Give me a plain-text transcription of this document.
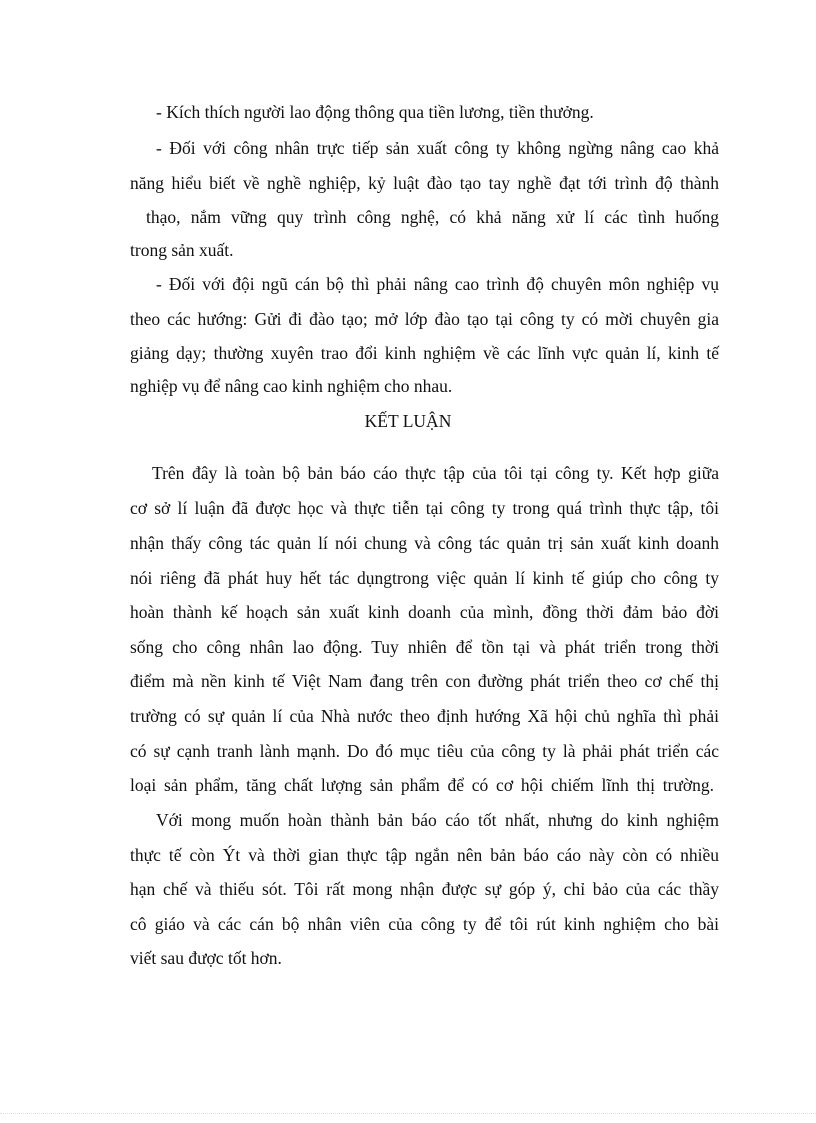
- Kích thích người lao động thông qua tiền lương, tiền thưởng.
- Đối với công nhân trực tiếp sản xuất công ty không ngừng nâng cao khả
năng hiểu biết về nghề nghiệp, kỷ luật đào tạo tay nghề đạt tới trình độ thành
thạo, nắm vững quy trình công nghệ, có khả năng xử lí các tình huống
trong sản xuất.
- Đối với đội ngũ cán bộ thì phải nâng cao trình độ chuyên môn nghiệp vụ
theo các hướng: Gửi đi đào tạo; mở lớp đào tạo tại công ty có mời chuyên gia
giảng dạy; thường xuyên trao đổi kinh nghiệm về các lĩnh vực quản lí, kinh tế
nghiệp vụ để nâng cao kinh nghiệm cho nhau.
KẾT LUẬN
Trên đây là toàn bộ bản báo cáo thực tập của tôi tại công ty. Kết hợp giữa
cơ sở lí luận đã được học và thực tiễn tại công ty trong quá trình thực tập, tôi
nhận thấy công tác quản lí nói chung và công tác quản trị sản xuất kinh doanh
nói riêng đã phát huy hết tác dụngtrong việc quản lí kinh tế giúp cho công ty
hoàn thành kế hoạch sản xuất kinh doanh của mình, đồng thời đảm bảo đời
sống cho công nhân lao động. Tuy nhiên để tồn tại và phát triển trong thời
điểm mà nền kinh tế Việt Nam đang trên con đường phát triển theo cơ chế thị
trường có sự quản lí của Nhà nước theo định hướng Xã hội chủ nghĩa thì phải
có sự cạnh tranh lành mạnh. Do đó mục tiêu của công ty là phải phát triển các
loại sản phẩm, tăng chất lượng sản phẩm để có cơ hội chiếm lĩnh thị trường.
Với mong muốn hoàn thành bản báo cáo tốt nhất, nhưng do kinh nghiệm
thực tế còn Ýt và thời gian thực tập ngắn nên bản báo cáo này còn có nhiều
hạn chế và thiếu sót. Tôi rất mong nhận được sự góp ý, chỉ bảo của các thầy
cô giáo và các cán bộ nhân viên của công ty để tôi rút kinh nghiệm cho bài
viết sau được tốt hơn.
